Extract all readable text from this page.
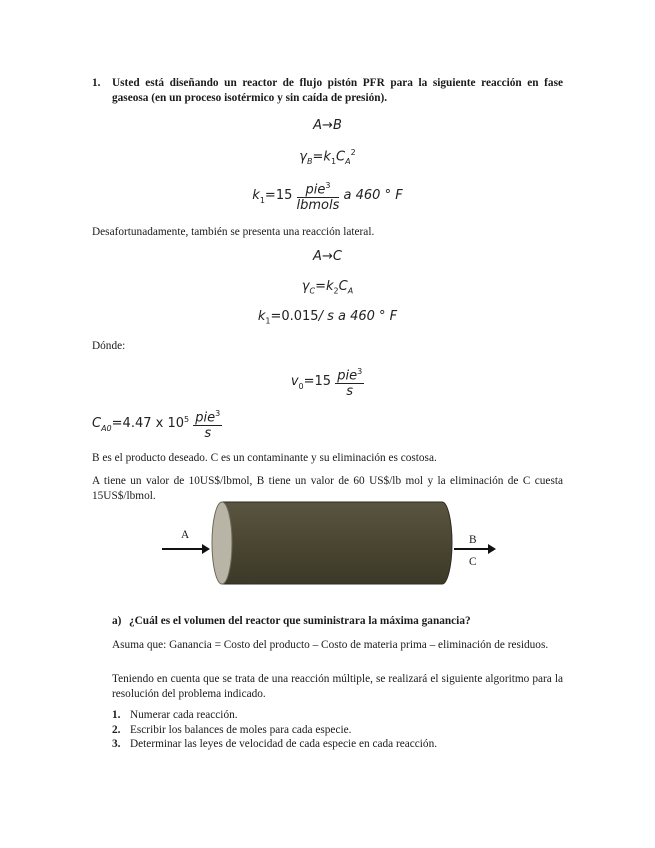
1. Usted está diseñando un reactor de flujo pistón PFR para la siguiente reacción en fase gaseosa (en un proceso isotérmico y sin caída de presión).
A→B
$\gamma_B=k_1C_A^2$
$k_1=15 \frac{pie^3}{\text{lbmols}}$ a 460 ° F
Desafortunadamente, también se presenta una reacción lateral.
A→C
$\gamma_C=k_2C_A$
$k_1=0.015/$ s a 460 ° F
Dónde:
$v_0=15 \frac{pie^3}{s}$
$C_{A0}=4.47$ x $10^5 \frac{pie^3}{s}$
B es el producto deseado. C es un contaminante y su eliminación es costosa.
A tiene un valor de 10US$/lbmol, B tiene un valor de 60 US$/lb mol y la eliminación de C cuesta 15US$/lbmol.
A	B
C
a) ¿Cuál es el volumen del reactor que suministrara la máxima ganancia?
Asuma que: Ganancia = Costo del producto – Costo de materia prima – eliminación de residuos.
Teniendo en cuenta que se trata de una reacción múltiple, se realizará el siguiente algoritmo para la resolución del problema indicado.
1. Numerar cada reacción.
2. Escribir los balances de moles para cada especie.
3. Determinar las leyes de velocidad de cada especie en cada reacción.
